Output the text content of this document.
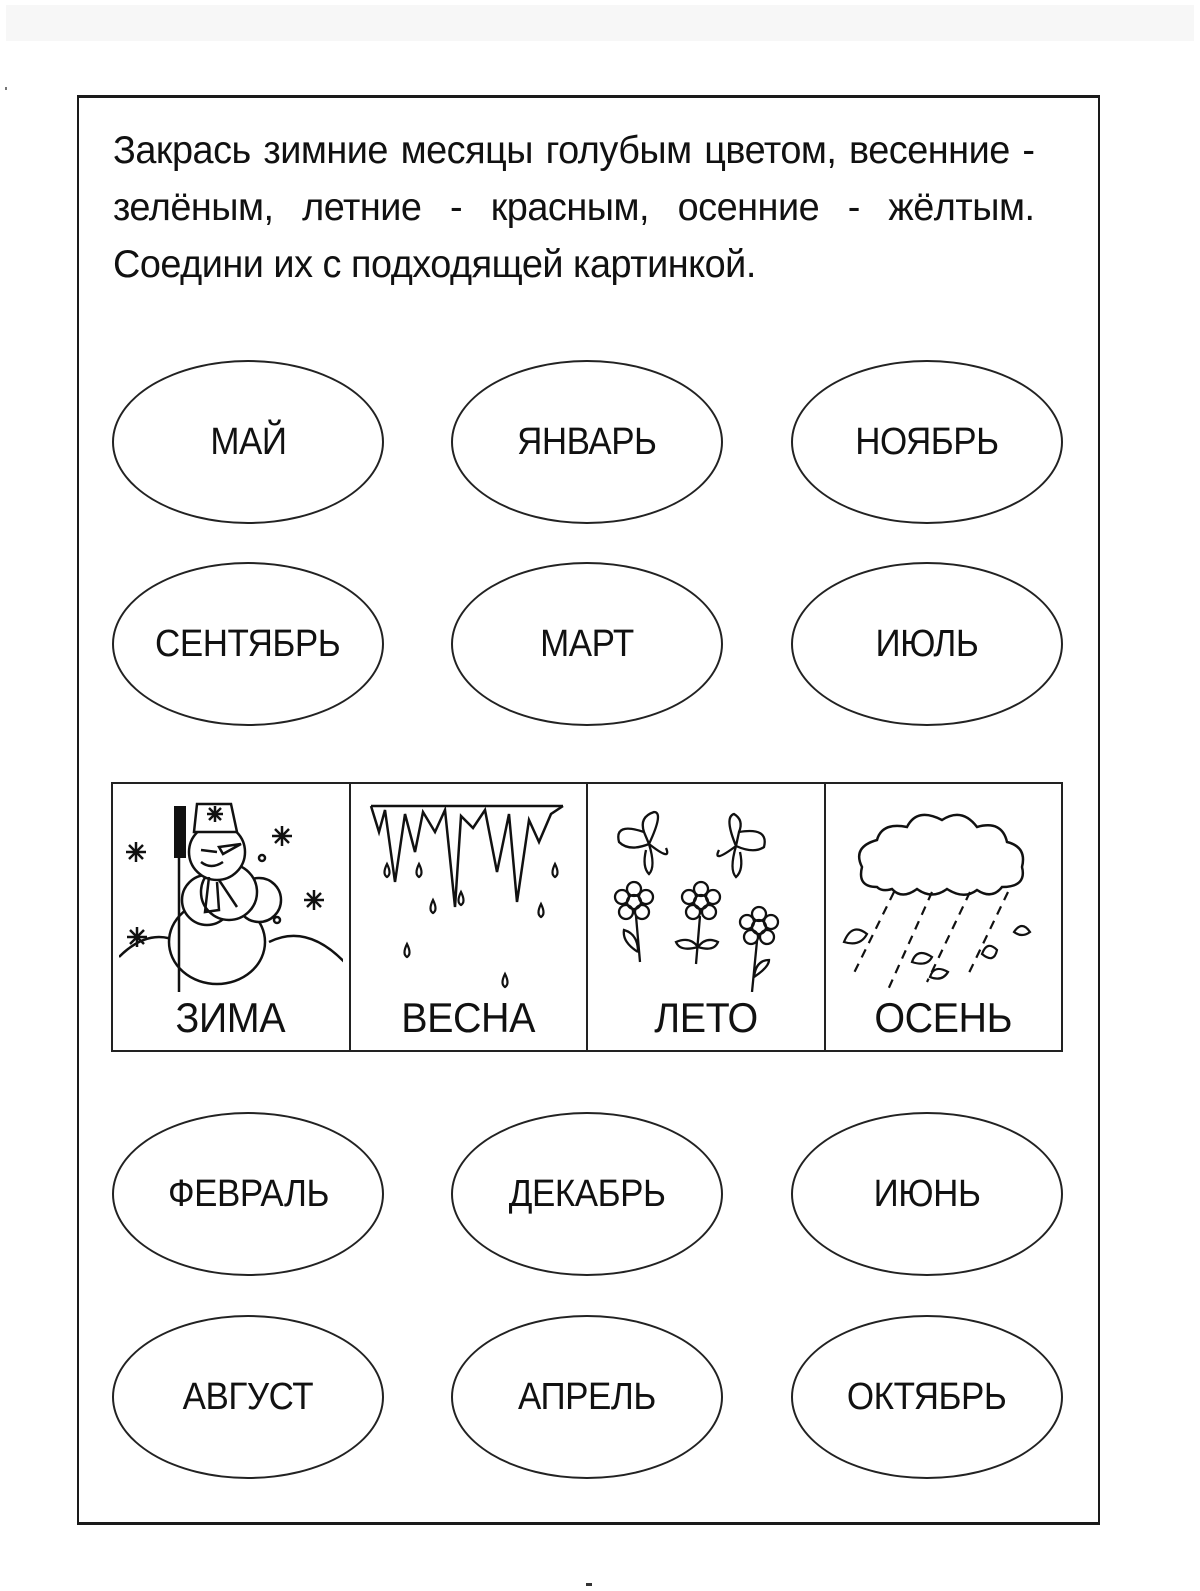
Закрась зимние месяцы голубым цветом, весенние - зелёным, летние - красным, осенние - жёлтым. Соедини их с подходящей картинкой.
МАЙ	ЯНВАРЬ	НОЯБРЬ
СЕНТЯБРЬ	МАРТ	ИЮЛЬ
ЗИМА	ВЕСНА	ЛЕТО	ОСЕНЬ
ФЕВРАЛЬ	ДЕКАБРЬ	ИЮНЬ
АВГУСТ	АПРЕЛЬ	ОКТЯБРЬ
